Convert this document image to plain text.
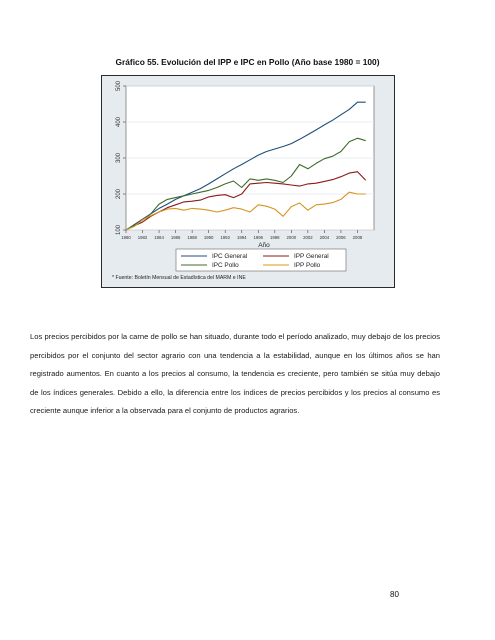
Gráfico 55. Evolución del IPP e IPC en Pollo (Año base 1980 = 100)
100
200
300
400
500
1980 1982 1984 1986 1988 1990 1992 1994 1996 1998 2000 2002 2004 2006 2008
Año
IPC General	IPP General
IPC Pollo	IPP Pollo
* Fuente: Boletín Mensual de Estadística del MARM e INE

Los precios percibidos por la carne de pollo se han situado, durante todo el período analizado, muy debajo de los precios percibidos por el conjunto del sector agrario con una tendencia a la estabilidad, aunque en los últimos años se han registrado aumentos. En cuanto a los precios al consumo, la tendencia es creciente, pero también se sitúa muy debajo de los índices generales. Debido a ello, la diferencia entre los índices de precios percibidos y los precios al consumo es creciente aunque inferior a la observada para el conjunto de productos agrarios.

80
